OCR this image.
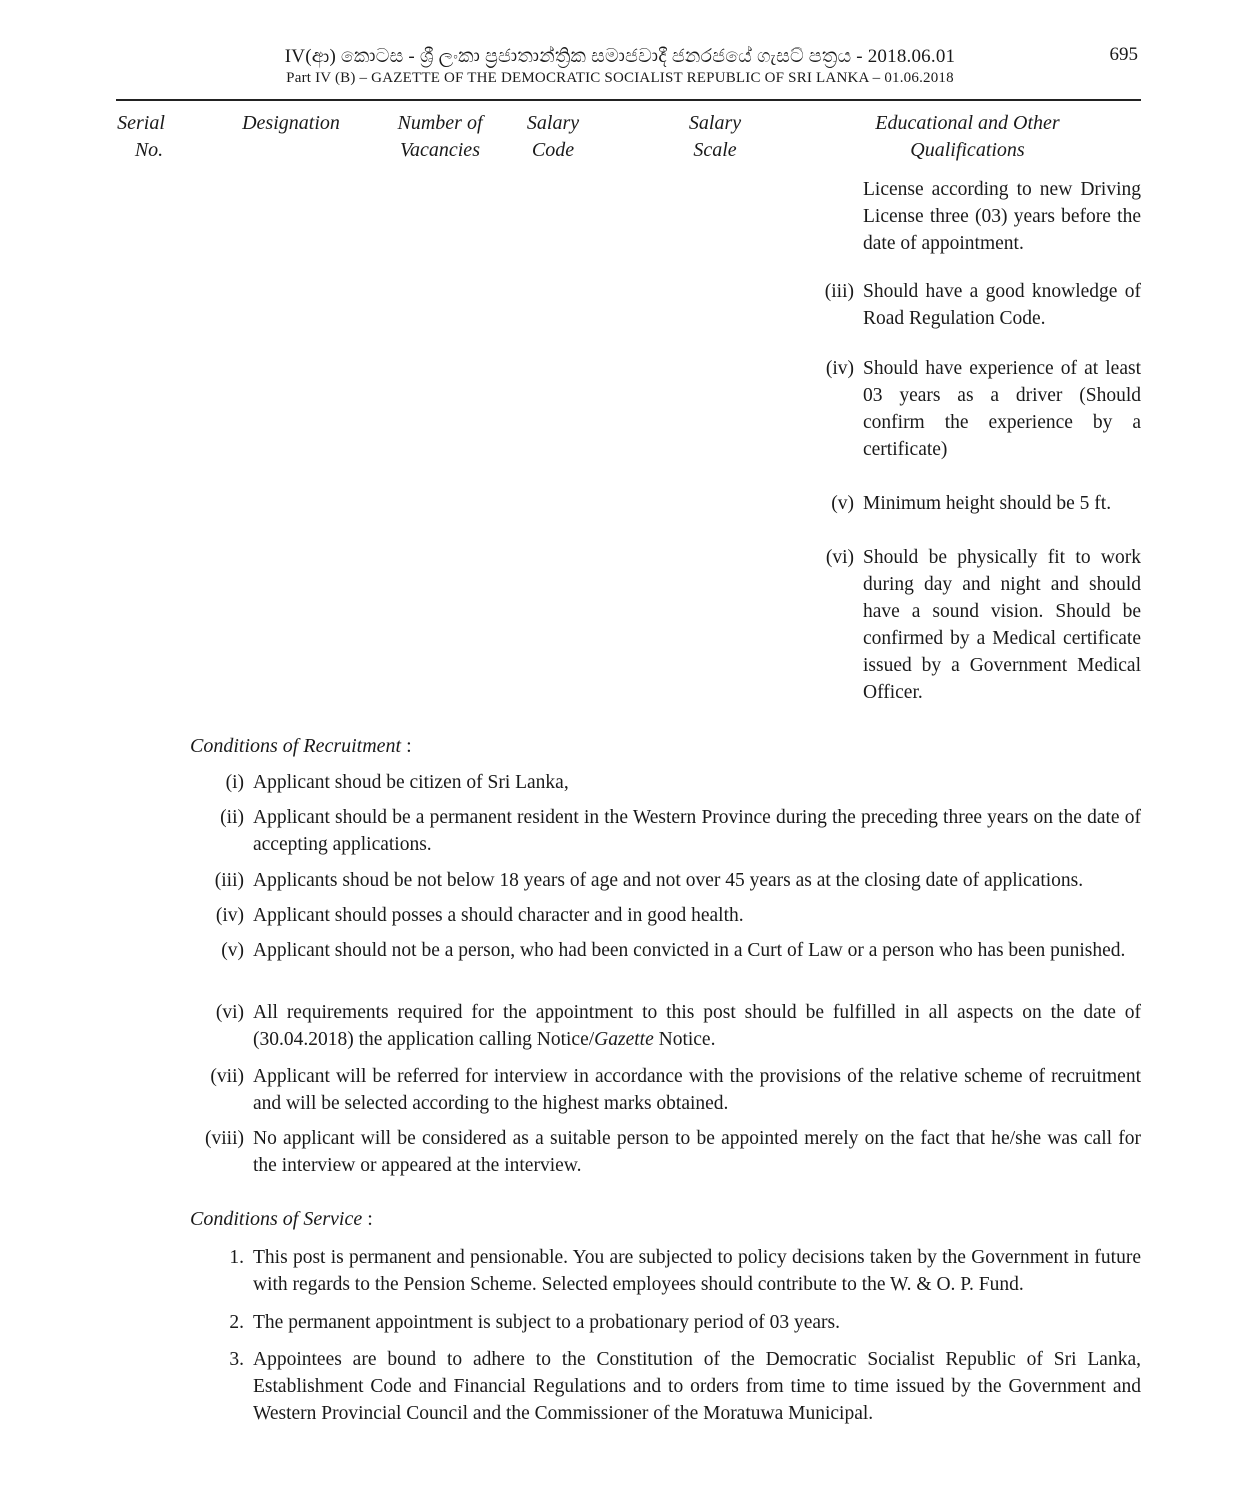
IV(ආ) කොටස - ශ්‍රී ලංකා ප්‍රජාතාන්ත්‍රික සමාජවාදී ජනරජයේ ගැසට් පත්‍රය - 2018.06.01
Part IV (B) – GAZETTE OF THE DEMOCRATIC SOCIALIST REPUBLIC OF SRI LANKA – 01.06.2018
695
Serial
No.
Designation	Number of
Vacancies
Salary
Code
Salary
Scale
Educational and Other
Qualifications
License according to new Driving License three (03) years before the date of appointment.
(iii) Should have a good knowledge of Road Regulation Code.
(iv) Should have experience of at least 03 years as a driver (Should confirm the experience by a certificate)
(v) Minimum height should be 5 ft.
(vi) Should be physically fit to work during day and night and should have a sound vision. Should be confirmed by a Medical certificate issued by a Government Medical Officer.
Conditions of Recruitment :
(i) Applicant shoud be citizen of Sri Lanka,
(ii) Applicant should be a permanent resident in the Western Province during the preceding three years on the date of accepting applications.
(iii) Applicants shoud be not below 18 years of age and not over 45 years as at the closing date of applications.
(iv) Applicant should posses a should character and in good health.
(v) Applicant should not be a person, who had been convicted in a Curt of Law or a person who has been punished.
(vi) All requirements required for the appointment to this post should be fulfilled in all aspects on the date of (30.04.2018) the application calling Notice/Gazette Notice.
(vii) Applicant will be referred for interview in accordance with the provisions of the relative scheme of recruitment and will be selected according to the highest marks obtained.
(viii) No applicant will be considered as a suitable person to be appointed merely on the fact that he/she was call for the interview or appeared at the interview.
Conditions of Service :
1. This post is permanent and pensionable. You are subjected to policy decisions taken by the Government in future with regards to the Pension Scheme. Selected employees should contribute to the W. & O. P. Fund.
2. The permanent appointment is subject to a probationary period of 03 years.
3. Appointees are bound to adhere to the Constitution of the Democratic Socialist Republic of Sri Lanka, Establishment Code and Financial Regulations and to orders from time to time issued by the Government and Western Provincial Council and the Commissioner of the Moratuwa Municipal.
